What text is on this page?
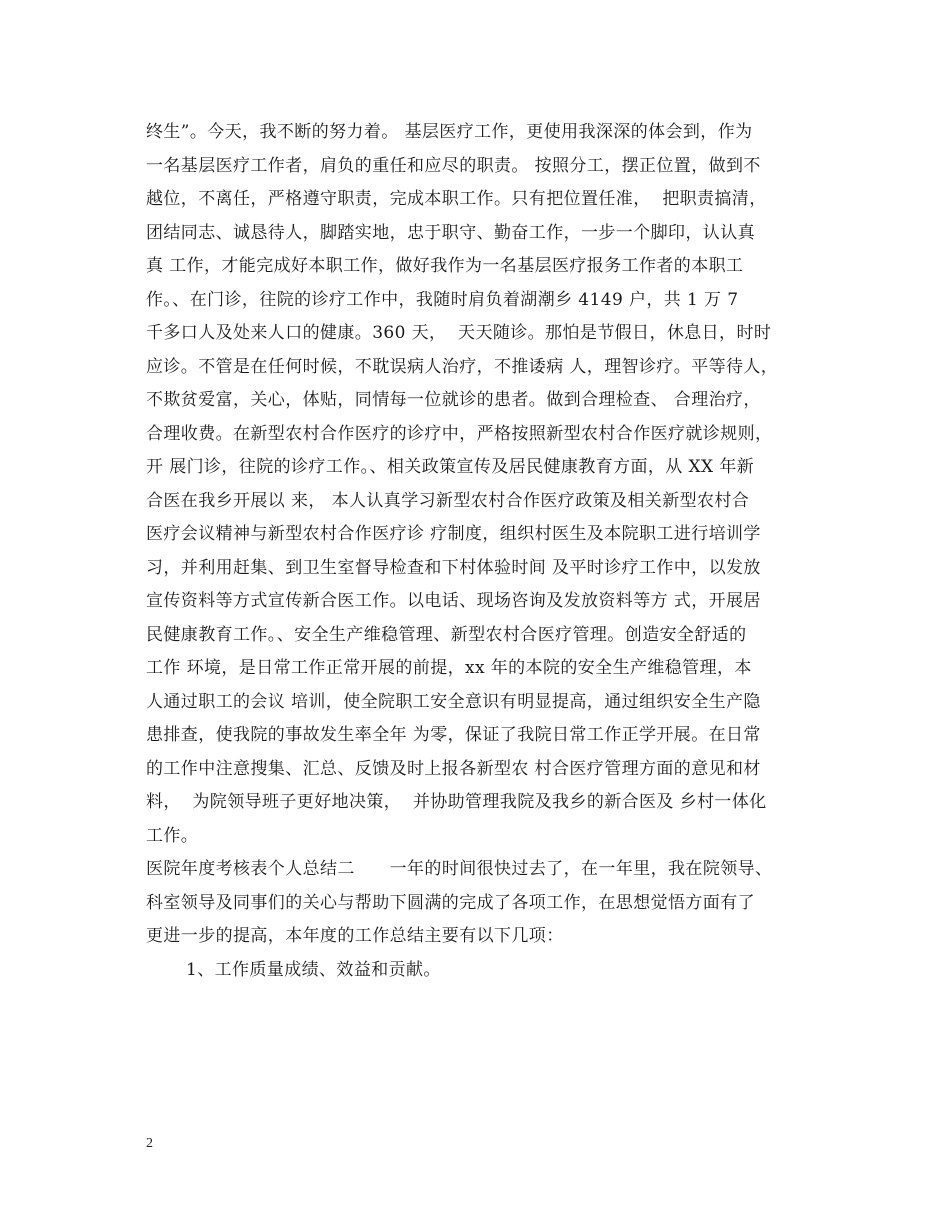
终生”。今天，我不断的努力着。 基层医疗工作，更使用我深深的体会到，作为
一名基层医疗工作者，肩负的重任和应尽的职责。 按照分工，摆正位置，做到不
越位，不离任，严格遵守职责，完成本职工作。只有把位置任准，  把职责搞清，
团结同志、诚恳待人，脚踏实地，忠于职守、勤奋工作，一步一个脚印，认认真
真 工作，才能完成好本职工作，做好我作为一名基层医疗报务工作者的本职工
作。、在门诊，往院的诊疗工作中，我随时肩负着湖潮乡 4149 户，共 1 万 7
千多口人及处来人口的健康。360 天，  天天随诊。那怕是节假日，休息日，时时
应诊。不管是在任何时候，不耽误病人治疗，不推诿病 人，理智诊疗。平等待人，
不欺贫爱富，关心，体贴，同情每一位就诊的患者。做到合理检查、 合理治疗，
合理收费。在新型农村合作医疗的诊疗中，严格按照新型农村合作医疗就诊规则，
开 展门诊，往院的诊疗工作。、相关政策宣传及居民健康教育方面，从 XX 年新
合医在我乡开展以 来， 本人认真学习新型农村合作医疗政策及相关新型农村合
医疗会议精神与新型农村合作医疗诊 疗制度，组织村医生及本院职工进行培训学
习，并利用赶集、到卫生室督导检查和下村体验时间 及平时诊疗工作中，以发放
宣传资料等方式宣传新合医工作。以电话、现场咨询及发放资料等方 式，开展居
民健康教育工作。、安全生产维稳管理、新型农村合医疗管理。创造安全舒适的
工作 环境，是日常工作正常开展的前提，xx 年的本院的安全生产维稳管理，本
人通过职工的会议 培训，使全院职工安全意识有明显提高，通过组织安全生产隐
患排查，使我院的事故发生率全年 为零，保证了我院日常工作正学开展。在日常
的工作中注意搜集、汇总、反馈及时上报各新型农 村合医疗管理方面的意见和材
料，  为院领导班子更好地决策，  并协助管理我院及我乡的新合医及 乡村一体化
工作。
医院年度考核表个人总结二      一年的时间很快过去了，在一年里，我在院领导、
科室领导及同事们的关心与帮助下圆满的完成了各项工作，在思想觉悟方面有了
更进一步的提高，本年度的工作总结主要有以下几项：
1、工作质量成绩、效益和贡献。
2
